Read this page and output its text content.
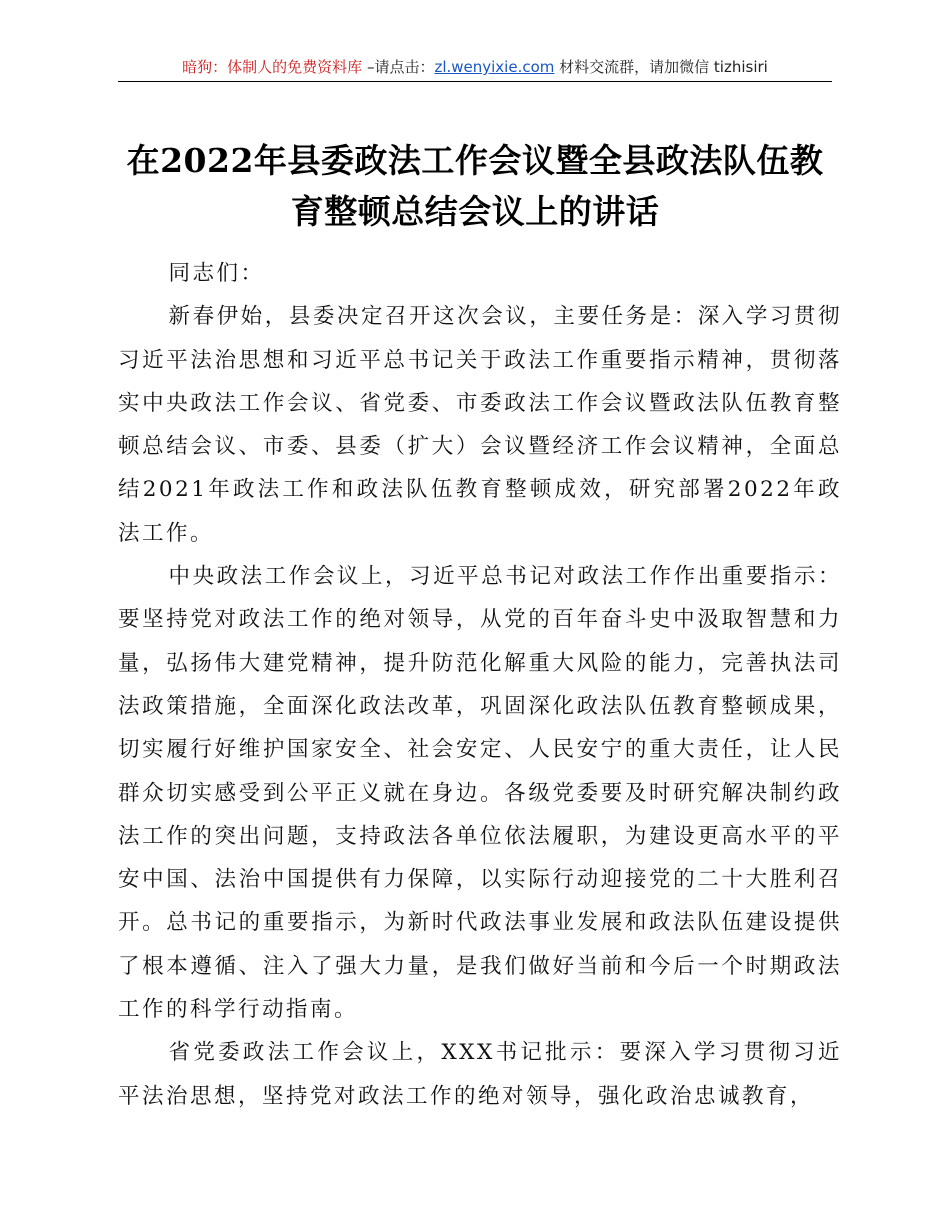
暗狗：体制人的免费资料库 –请点击：zl.wenyixie.com 材料交流群，请加微信 tizhisiri
在2022年县委政法工作会议暨全县政法队伍教
育整顿总结会议上的讲话

同志们：

新春伊始，县委决定召开这次会议，主要任务是：深入学习贯彻习近平法治思想和习近平总书记关于政法工作重要指示精神，贯彻落实中央政法工作会议、省党委、市委政法工作会议暨政法队伍教育整顿总结会议、市委、县委（扩大）会议暨经济工作会议精神，全面总结2021年政法工作和政法队伍教育整顿成效，研究部署2022年政法工作。

中央政法工作会议上，习近平总书记对政法工作作出重要指示：要坚持党对政法工作的绝对领导，从党的百年奋斗史中汲取智慧和力量，弘扬伟大建党精神，提升防范化解重大风险的能力，完善执法司法政策措施，全面深化政法改革，巩固深化政法队伍教育整顿成果，切实履行好维护国家安全、社会安定、人民安宁的重大责任，让人民群众切实感受到公平正义就在身边。各级党委要及时研究解决制约政法工作的突出问题，支持政法各单位依法履职，为建设更高水平的平安中国、法治中国提供有力保障，以实际行动迎接党的二十大胜利召开。总书记的重要指示，为新时代政法事业发展和政法队伍建设提供了根本遵循、注入了强大力量，是我们做好当前和今后一个时期政法工作的科学行动指南。

省党委政法工作会议上，XXX书记批示：要深入学习贯彻习近平法治思想，坚持党对政法工作的绝对领导，强化政治忠诚教育，
